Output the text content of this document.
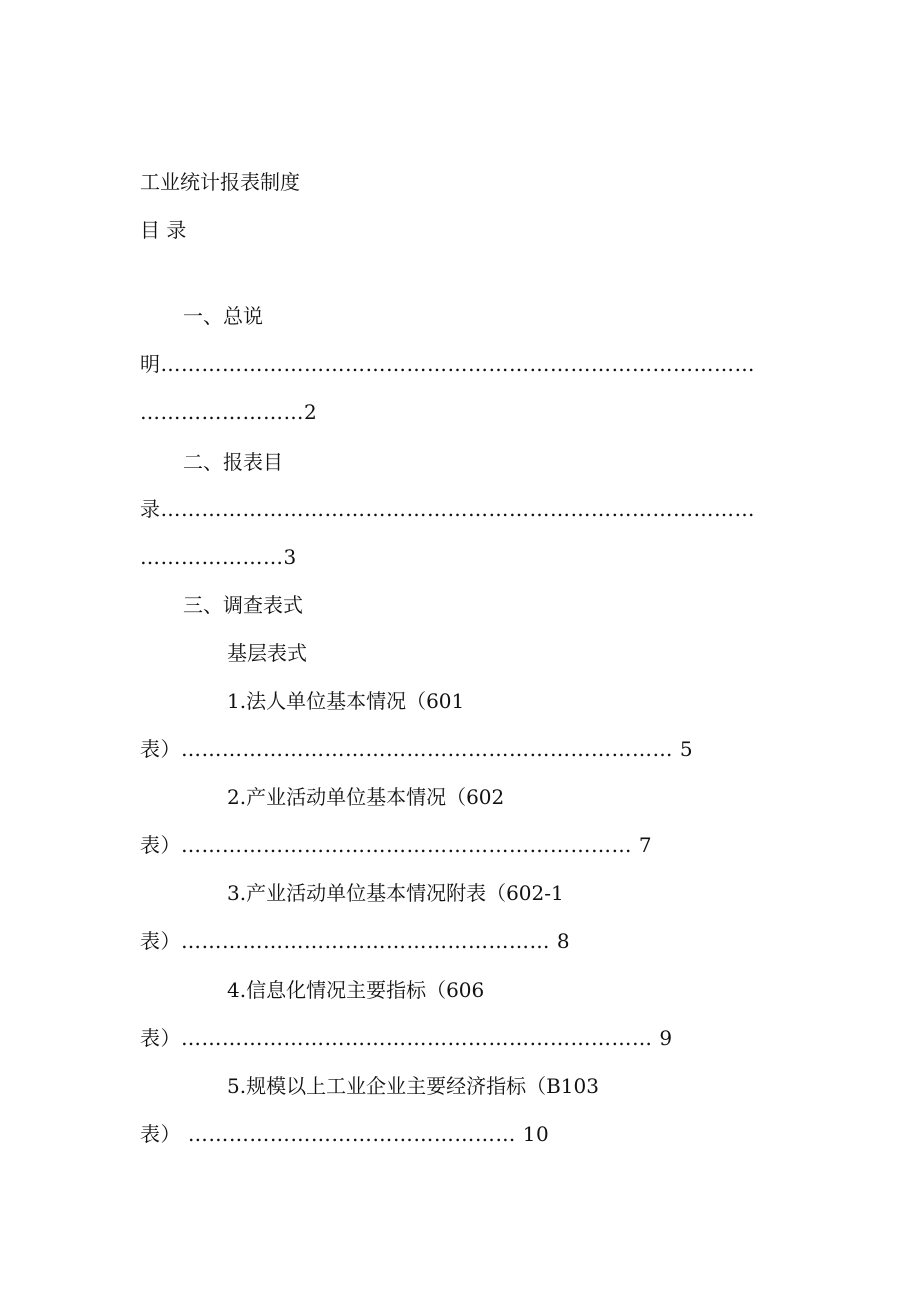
工业统计报表制度
目 录
一、总说
明……………………………………………………………………………
……………………2
二、报表目
录……………………………………………………………………………
…………………3
三、调查表式
基层表式
1.法人单位基本情况（601
表）……………………………………………………………… 5
2.产业活动单位基本情况（602
表）………………………………………………………… 7
3.产业活动单位基本情况附表（602-1
表）……………………………………………… 8
4.信息化情况主要指标（606
表）…………………………………………………………… 9
5.规模以上工业企业主要经济指标（B103
表） ………………………………………… 10
